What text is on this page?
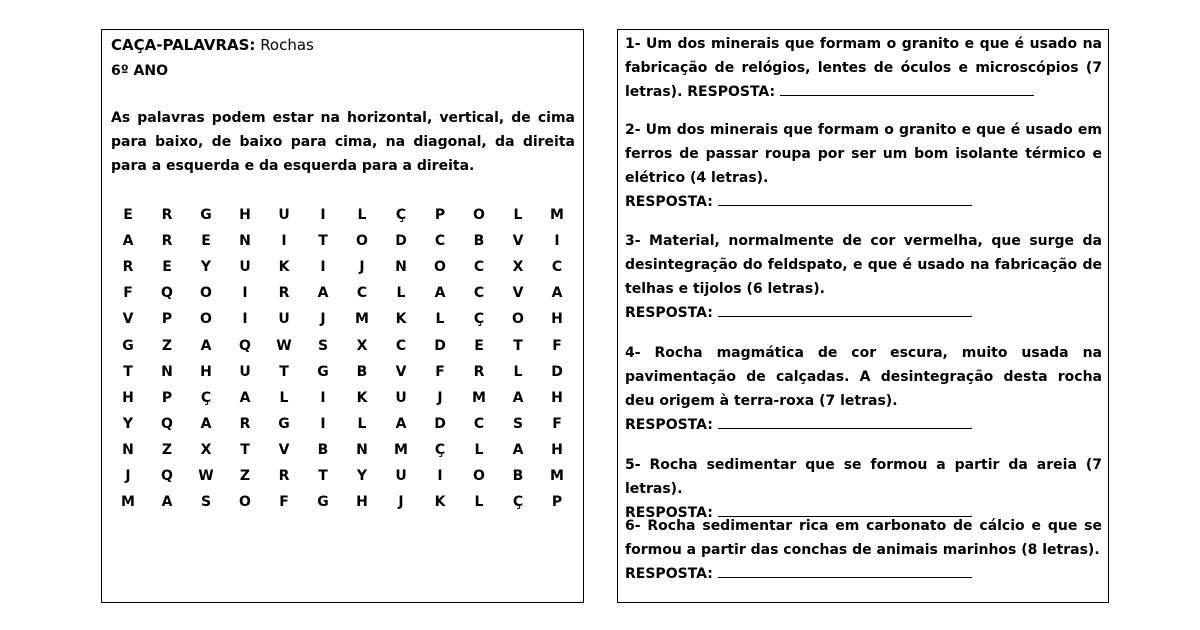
CAÇA-PALAVRAS: Rochas
6º ANO
As palavras podem estar na horizontal, vertical, de cima para baixo, de baixo para cima, na diagonal, da direita para a esquerda e da esquerda para a direita.
E	R	G	H	U	I	L	Ç	P	O	L	M
A	R	E	N	I	T	O	D	C	B	V	I
R	E	Y	U	K	I	J	N	O	C	X	C
F	Q	O	I	R	A	C	L	A	C	V	A
V	P	O	I	U	J	M	K	L	Ç	O	H
G	Z	A	Q	W	S	X	C	D	E	T	F
T	N	H	U	T	G	B	V	F	R	L	D
H	P	Ç	A	L	I	K	U	J	M	A	H
Y	Q	A	R	G	I	L	A	D	C	S	F
N	Z	X	T	V	B	N	M	Ç	L	A	H
J	Q	W	Z	R	T	Y	U	I	O	B	M
M	A	S	O	F	G	H	J	K	L	Ç	P
1- Um dos minerais que formam o granito e que é usado na fabricação de relógios, lentes de óculos e microscópios (7 letras). RESPOSTA:
2- Um dos minerais que formam o granito e que é usado em ferros de passar roupa por ser um bom isolante térmico e elétrico (4 letras).
RESPOSTA:
3- Material, normalmente de cor vermelha, que surge da desintegração do feldspato, e que é usado na fabricação de telhas e tijolos (6 letras).
RESPOSTA:
4- Rocha magmática de cor escura, muito usada na pavimentação de calçadas. A desintegração desta rocha deu origem à terra-roxa (7 letras).
RESPOSTA:
5- Rocha sedimentar que se formou a partir da areia (7 letras).
RESPOSTA:
6- Rocha sedimentar rica em carbonato de cálcio e que se formou a partir das conchas de animais marinhos (8 letras).
RESPOSTA:
